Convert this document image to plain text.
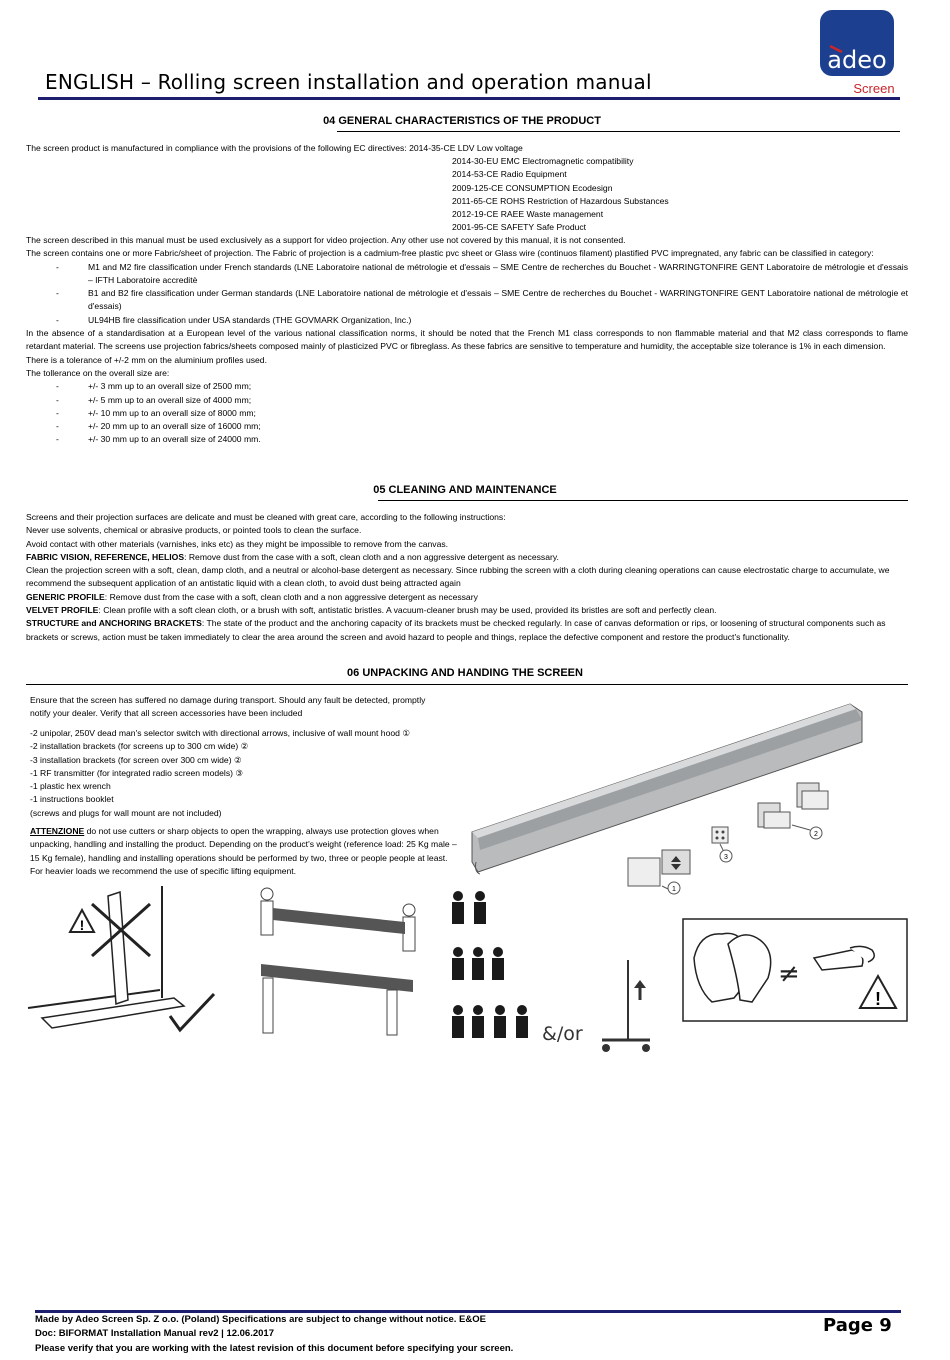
ENGLISH – Rolling screen installation and operation manual
adeo
Screen
04 GENERAL CHARACTERISTICS OF THE PRODUCT
The screen product is manufactured in compliance with the provisions of the following EC directives: 2014-35-CE LDV Low voltage
2014-30-EU EMC Electromagnetic compatibility
2014-53-CE Radio Equipment
2009-125-CE CONSUMPTION Ecodesign
2011-65-CE ROHS Restriction of Hazardous Substances
2012-19-CE RAEE Waste management
2001-95-CE SAFETY Safe Product
The screen described in this manual must be used exclusively as a support for video projection. Any other use not covered by this manual, it is not consented.
The screen contains one or more Fabric/sheet of projection. The Fabric of projection is a cadmium-free plastic pvc sheet or Glass wire (continuos filament) plastified PVC impregnated, any fabric can be classified in category:
-	M1 and M2 fire classification under French standards (LNE Laboratoire national de métrologie et d'essais – SME Centre de recherches du Bouchet - WARRINGTONFIRE GENT Laboratoire de métrologie et d'essais – IFTH Laboratoire accreditè
-	B1 and B2 fire classification under German standards (LNE Laboratoire national de métrologie et d'essais – SME Centre de recherches du Bouchet - WARRINGTONFIRE GENT Laboratoire national de métrologie et d'essais)
-	UL94HB fire classification under USA standards (THE GOVMARK Organization, Inc.)
In the absence of a standardisation at a European level of the various national classification norms, it should be noted that the French M1 class corresponds to non flammable material and that M2 class corresponds to flame retardant material. The screens use projection fabrics/sheets composed mainly of plasticized PVC or fibreglass. As these fabrics are sensitive to temperature and humidity, the acceptable size tolerance is 1% in each dimension.
There is a tolerance of +/-2 mm on the aluminium profiles used.
The tollerance on the overall size are:
-	+/- 3 mm up to an overall size of 2500 mm;
-	+/- 5 mm up to an overall size of 4000 mm;
-	+/- 10 mm up to an overall size of 8000 mm;
-	+/- 20 mm up to an overall size of 16000 mm;
-	+/- 30 mm up to an overall size of 24000 mm.
05 CLEANING AND MAINTENANCE
Screens and their projection surfaces are delicate and must be cleaned with great care, according to the following instructions:
Never use solvents, chemical or abrasive products, or pointed tools to clean the surface.
Avoid contact with other materials (varnishes, inks etc) as they might be impossible to remove from the canvas.
FABRIC VISION, REFERENCE, HELIOS: Remove dust from the case with a soft, clean cloth and a non aggressive detergent as necessary.
Clean the projection screen with a soft, clean, damp cloth, and a neutral or alcohol-base detergent as necessary. Since rubbing the screen with a cloth during cleaning operations can cause electrostatic charge to accumulate, we recommend the subsequent application of an antistatic liquid with a clean cloth, to avoid dust being attracted again
GENERIC PROFILE: Remove dust from the case with a soft, clean cloth and a non aggressive detergent as necessary
VELVET PROFILE: Clean profile with a soft clean cloth, or a brush with soft, antistatic bristles. A vacuum-cleaner brush may be used, provided its bristles are soft and perfectly clean.
STRUCTURE and ANCHORING BRACKETS: The state of the product and the anchoring capacity of its brackets must be checked regularly. In case of canvas deformation or rips, or loosening of structural components such as brackets or screws, action must be taken immediately to clear the area around the screen and avoid hazard to people and things, replace the defective component and restore the product's functionality.
06 UNPACKING AND HANDING THE SCREEN
Ensure that the screen has suffered no damage during transport. Should any fault be detected, promptly notify your dealer. Verify that all screen accessories have been included
-2 unipolar, 250V dead man's selector switch with directional arrows, inclusive of wall mount hood ①
-2 installation brackets (for screens up to 300 cm wide) ②
-3 installation brackets (for screen over 300 cm wide) ②
-1 RF transmitter (for integrated radio screen models) ③
-1 plastic hex wrench
-1 instructions booklet
(screws and plugs for wall mount are not included)
ATTENZIONE do not use cutters or sharp objects to open the wrapping, always use protection gloves when unpacking, handling and installing the product. Depending on the product's weight (reference load: 25 Kg male – 15 Kg female), handling and installing operations should be performed by two, three or people people at least. For heavier loads we recommend the use of specific lifting equipment.
2
3
1
!
&/or
≠
!
Made by Adeo Screen Sp. Z o.o. (Poland) Specifications are subject to change without notice. E&OE
Doc: BIFORMAT Installation Manual rev2 | 12.06.2017
Please verify that you are working with the latest revision of this document before specifying your screen.
Page 9
